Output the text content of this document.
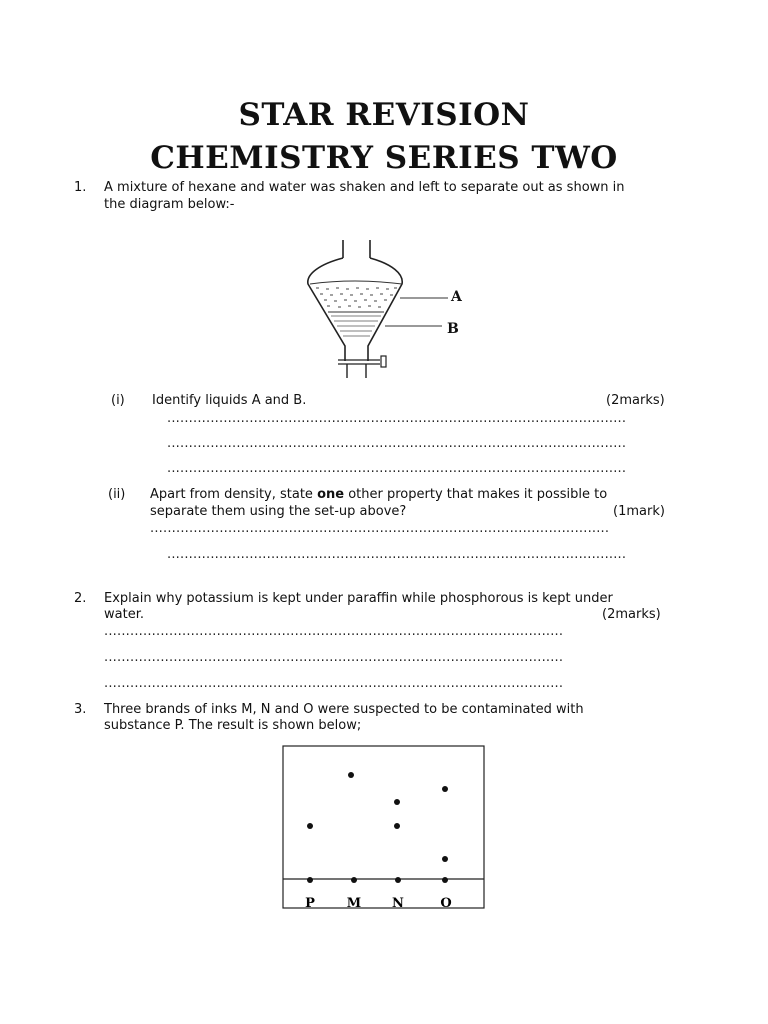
STAR REVISION
CHEMISTRY SERIES TWO
1. A mixture of hexane and water was shaken and left to separate out as shown in
the diagram below:-
A
B
(i) Identify liquids A and B.	(2marks)
..........................................................................................................
..........................................................................................................
..........................................................................................................
(ii) Apart from density, state one other property that makes it possible to
separate them using the set-up above?	(1mark)
..........................................................................................................
..........................................................................................................
2. Explain why potassium is kept under paraffin while phosphorous is kept under
water.	(2marks)
..........................................................................................................
..........................................................................................................
..........................................................................................................
3. Three brands of inks M, N and O were suspected to be contaminated with
substance P. The result is shown below;
P M N	O
